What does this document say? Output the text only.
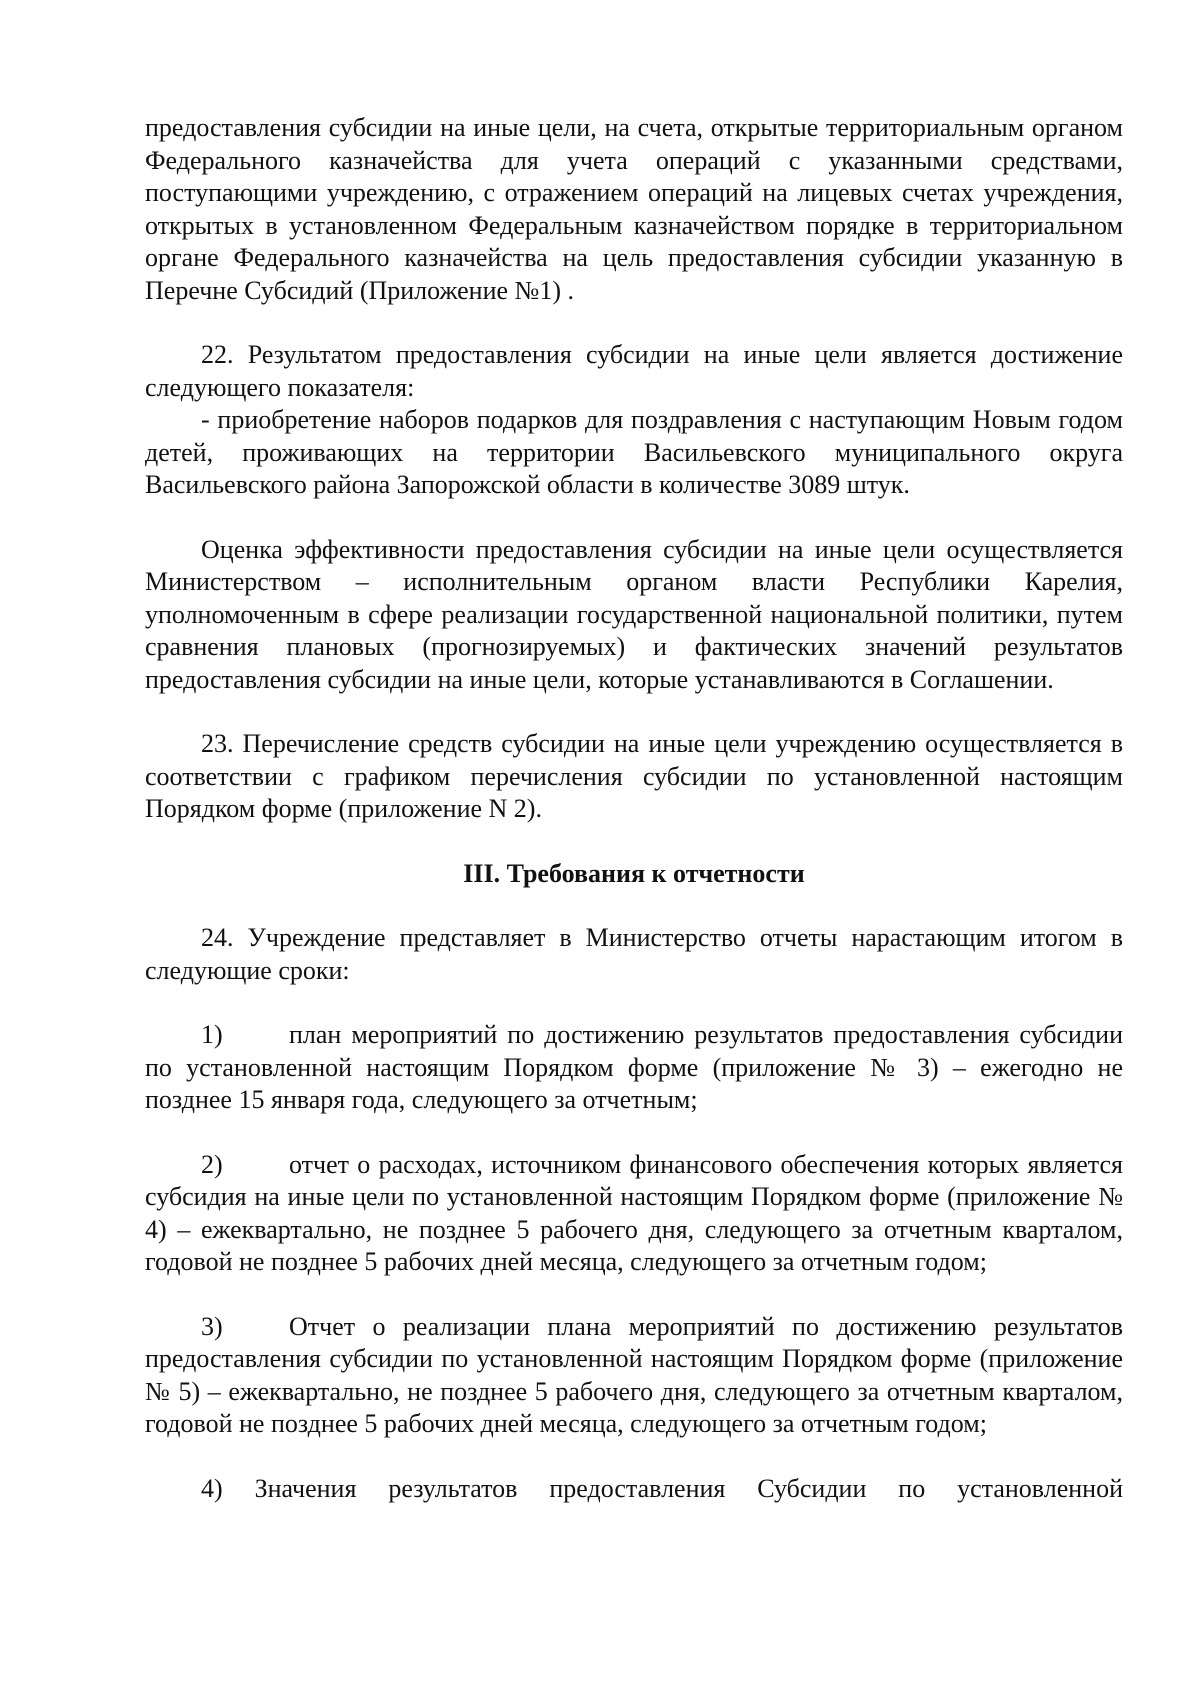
предоставления субсидии на иные цели, на счета, открытые территориальным органом Федерального казначейства для учета операций с указанными средствами, поступающими учреждению, с отражением операций на лицевых счетах учреждения, открытых в установленном Федеральным казначейством порядке в территориальном органе Федерального казначейства на цель предоставления субсидии указанную в Перечне Субсидий (Приложение №1) .

22. Результатом предоставления субсидии на иные цели является достижение следующего показателя:

- приобретение наборов подарков для поздравления с наступающим Новым годом детей, проживающих на территории Васильевского муниципального округа Васильевского района Запорожской области в количестве 3089 штук.

Оценка эффективности предоставления субсидии на иные цели осуществляется Министерством – исполнительным органом власти Республики Карелия, уполномоченным в сфере реализации государственной национальной политики, путем сравнения плановых (прогнозируемых) и фактических значений результатов предоставления субсидии на иные цели, которые устанавливаются в Соглашении.

23. Перечисление средств субсидии на иные цели учреждению осуществляется в соответствии с графиком перечисления субсидии по установленной настоящим Порядком форме (приложение N 2).

III. Требования к отчетности

24. Учреждение представляет в Министерство отчеты нарастающим итогом в следующие сроки:

1)	план мероприятий по достижению результатов предоставления субсидии по установленной настоящим Порядком форме (приложение № 3) – ежегодно не позднее 15 января года, следующего за отчетным;

2)	отчет о расходах, источником финансового обеспечения которых является субсидия на иные цели по установленной настоящим Порядком форме (приложение № 4) – ежеквартально, не позднее 5 рабочего дня, следующего за отчетным кварталом, годовой не позднее 5 рабочих дней месяца, следующего за отчетным годом;

3)	Отчет о реализации плана мероприятий по достижению результатов предоставления субсидии по установленной настоящим Порядком форме (приложение № 5) – ежеквартально, не позднее 5 рабочего дня, следующего за отчетным кварталом, годовой не позднее 5 рабочих дней месяца, следующего за отчетным годом;

4) Значения результатов предоставления Субсидии по установленной
